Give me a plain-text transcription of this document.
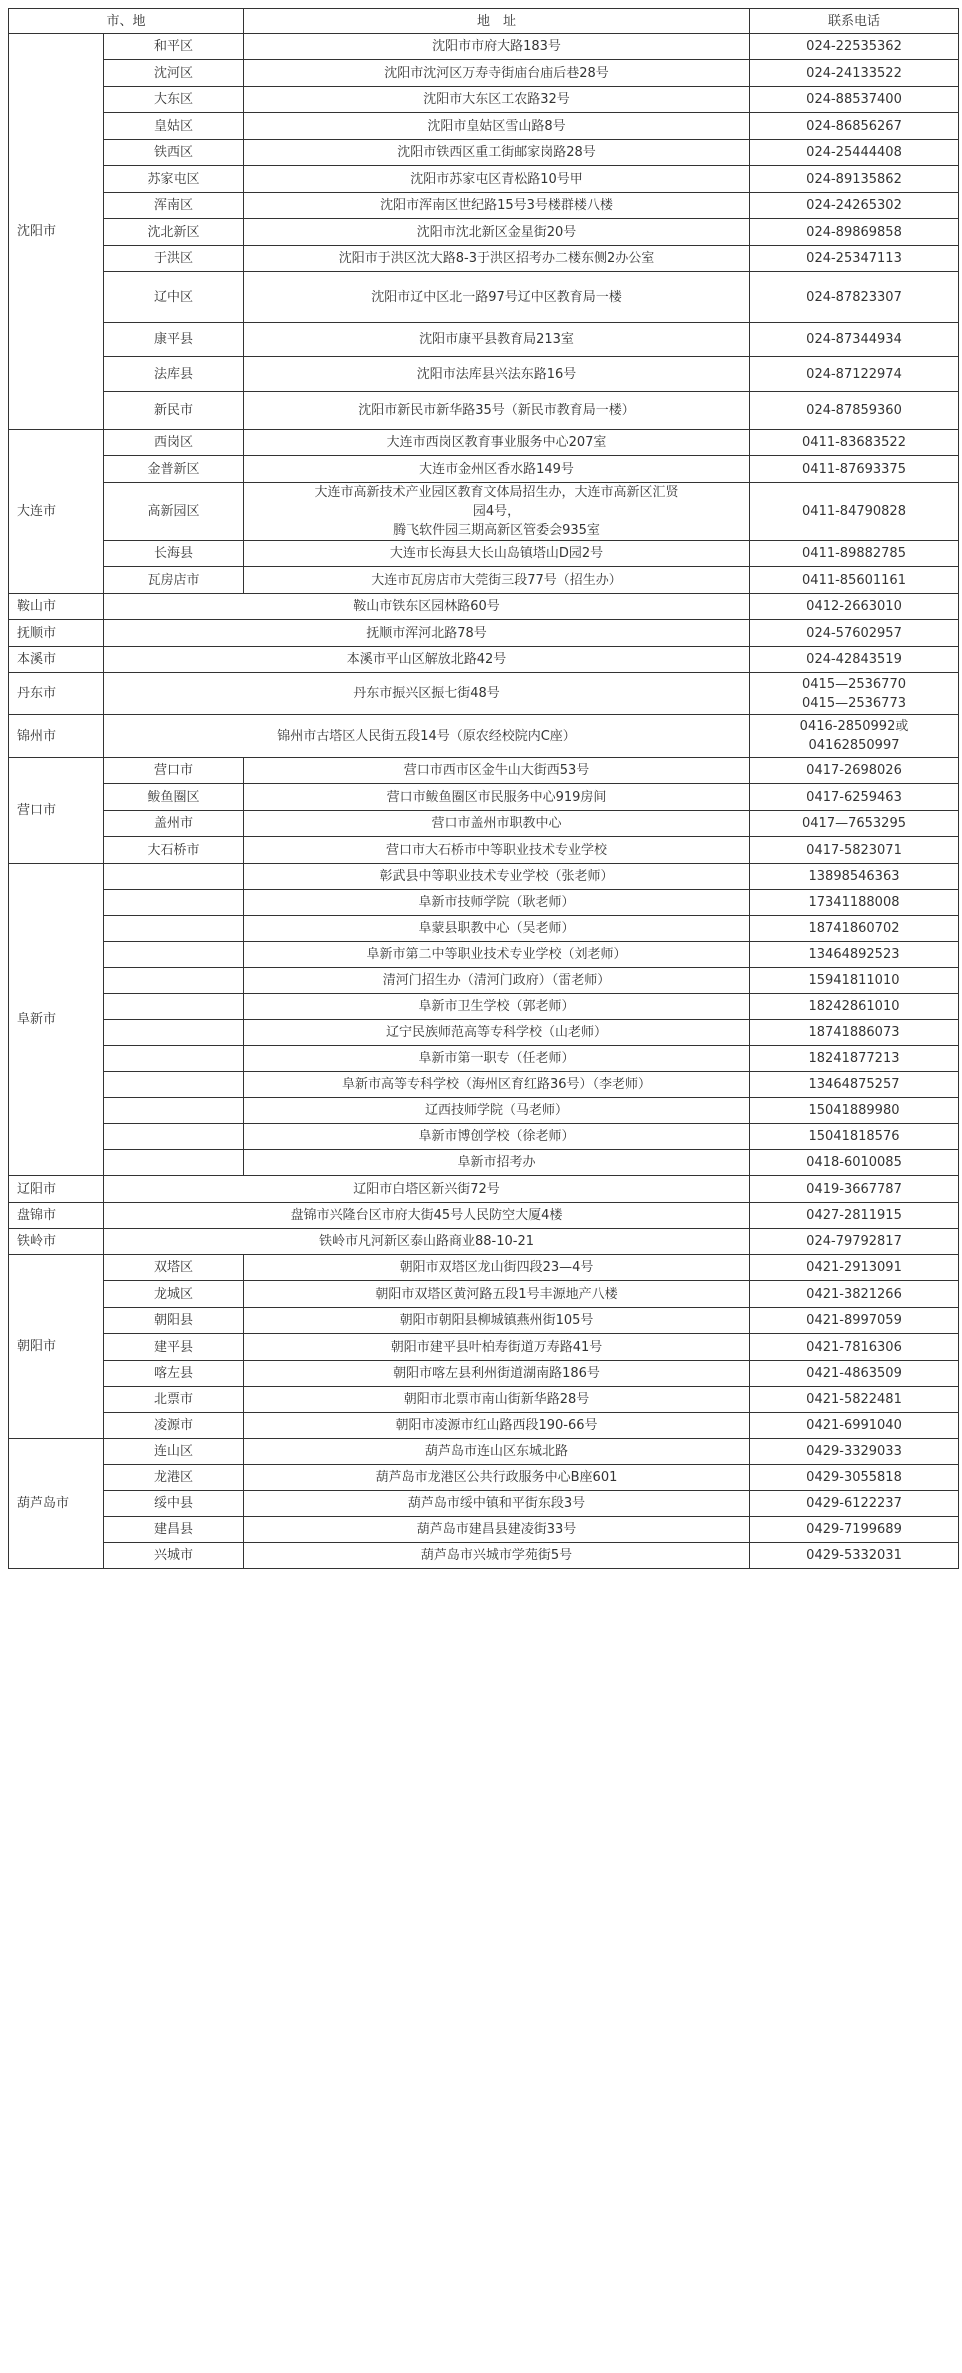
市、地		地　址	联系电话
沈阳市	和平区	沈阳市市府大路183号	024-22535362
	沈河区	沈阳市沈河区万寿寺街庙台庙后巷28号	024-24133522
	大东区	沈阳市大东区工农路32号	024-88537400
	皇姑区	沈阳市皇姑区雪山路8号	024-86856267
	铁西区	沈阳市铁西区重工街邮家岗路28号	024-25444408
	苏家屯区	沈阳市苏家屯区青松路10号甲	024-89135862
	浑南区	沈阳市浑南区世纪路15号3号楼群楼八楼	024-24265302
	沈北新区	沈阳市沈北新区金星街20号	024-89869858
	于洪区	沈阳市于洪区沈大路8-3于洪区招考办二楼东侧2办公室	024-25347113
	辽中区	沈阳市辽中区北一路97号辽中区教育局一楼	024-87823307
	康平县	沈阳市康平县教育局213室	024-87344934
	法库县	沈阳市法库县兴法东路16号	024-87122974
	新民市	沈阳市新民市新华路35号（新民市教育局一楼）	024-87859360
大连市	西岗区	大连市西岗区教育事业服务中心207室	0411-83683522
	金普新区	大连市金州区香水路149号	0411-87693375
	高新园区	大连市高新技术产业园区教育文体局招生办，大连市高新区汇贤
园4号，
腾飞软件园三期高新区管委会935室	0411-84790828
	长海县	大连市长海县大长山岛镇塔山D园2号	0411-89882785
	瓦房店市	大连市瓦房店市大莞街三段77号（招生办）	0411-85601161
鞍山市	鞍山市铁东区园林路60号		0412-2663010
抚顺市	抚顺市浑河北路78号		024-57602957
本溪市	本溪市平山区解放北路42号		024-42843519
丹东市	丹东市振兴区振七街48号		0415—2536770
0415—2536773
锦州市	锦州市古塔区人民街五段14号（原农经校院内C座）		0416-2850992或
04162850997
营口市	营口市	营口市西市区金牛山大街西53号	0417-2698026
	鲅鱼圈区	营口市鲅鱼圈区市民服务中心919房间	0417-6259463
	盖州市	营口市盖州市职教中心	0417—7653295
	大石桥市	营口市大石桥市中等职业技术专业学校	0417-5823071
阜新市		彰武县中等职业技术专业学校（张老师）	13898546363
		阜新市技师学院（耿老师）	17341188008
		阜蒙县职教中心（吴老师）	18741860702
		阜新市第二中等职业技术专业学校（刘老师）	13464892523
		清河门招生办（清河门政府）（雷老师）	15941811010
		阜新市卫生学校（郭老师）	18242861010
		辽宁民族师范高等专科学校（山老师）	18741886073
		阜新市第一职专（任老师）	18241877213
		阜新市高等专科学校（海州区育红路36号）（李老师）	13464875257
		辽西技师学院（马老师）	15041889980
		阜新市博创学校（徐老师）	15041818576
		阜新市招考办	0418-6010085
辽阳市	辽阳市白塔区新兴街72号		0419-3667787
盘锦市	盘锦市兴隆台区市府大街45号人民防空大厦4楼		0427-2811915
铁岭市	铁岭市凡河新区泰山路商业88-10-21		024-79792817
朝阳市	双塔区	朝阳市双塔区龙山街四段23—4号	0421-2913091
	龙城区	朝阳市双塔区黄河路五段1号丰源地产八楼	0421-3821266
	朝阳县	朝阳市朝阳县柳城镇燕州街105号	0421-8997059
	建平县	朝阳市建平县叶柏寿街道万寿路41号	0421-7816306
	喀左县	朝阳市喀左县利州街道湖南路186号	0421-4863509
	北票市	朝阳市北票市南山街新华路28号	0421-5822481
	凌源市	朝阳市凌源市红山路西段190-66号	0421-6991040
葫芦岛市	连山区	葫芦岛市连山区东城北路	0429-3329033
	龙港区	葫芦岛市龙港区公共行政服务中心B座601	0429-3055818
	绥中县	葫芦岛市绥中镇和平街东段3号	0429-6122237
	建昌县	葫芦岛市建昌县建凌街33号	0429-7199689
	兴城市	葫芦岛市兴城市学苑街5号	0429-5332031
